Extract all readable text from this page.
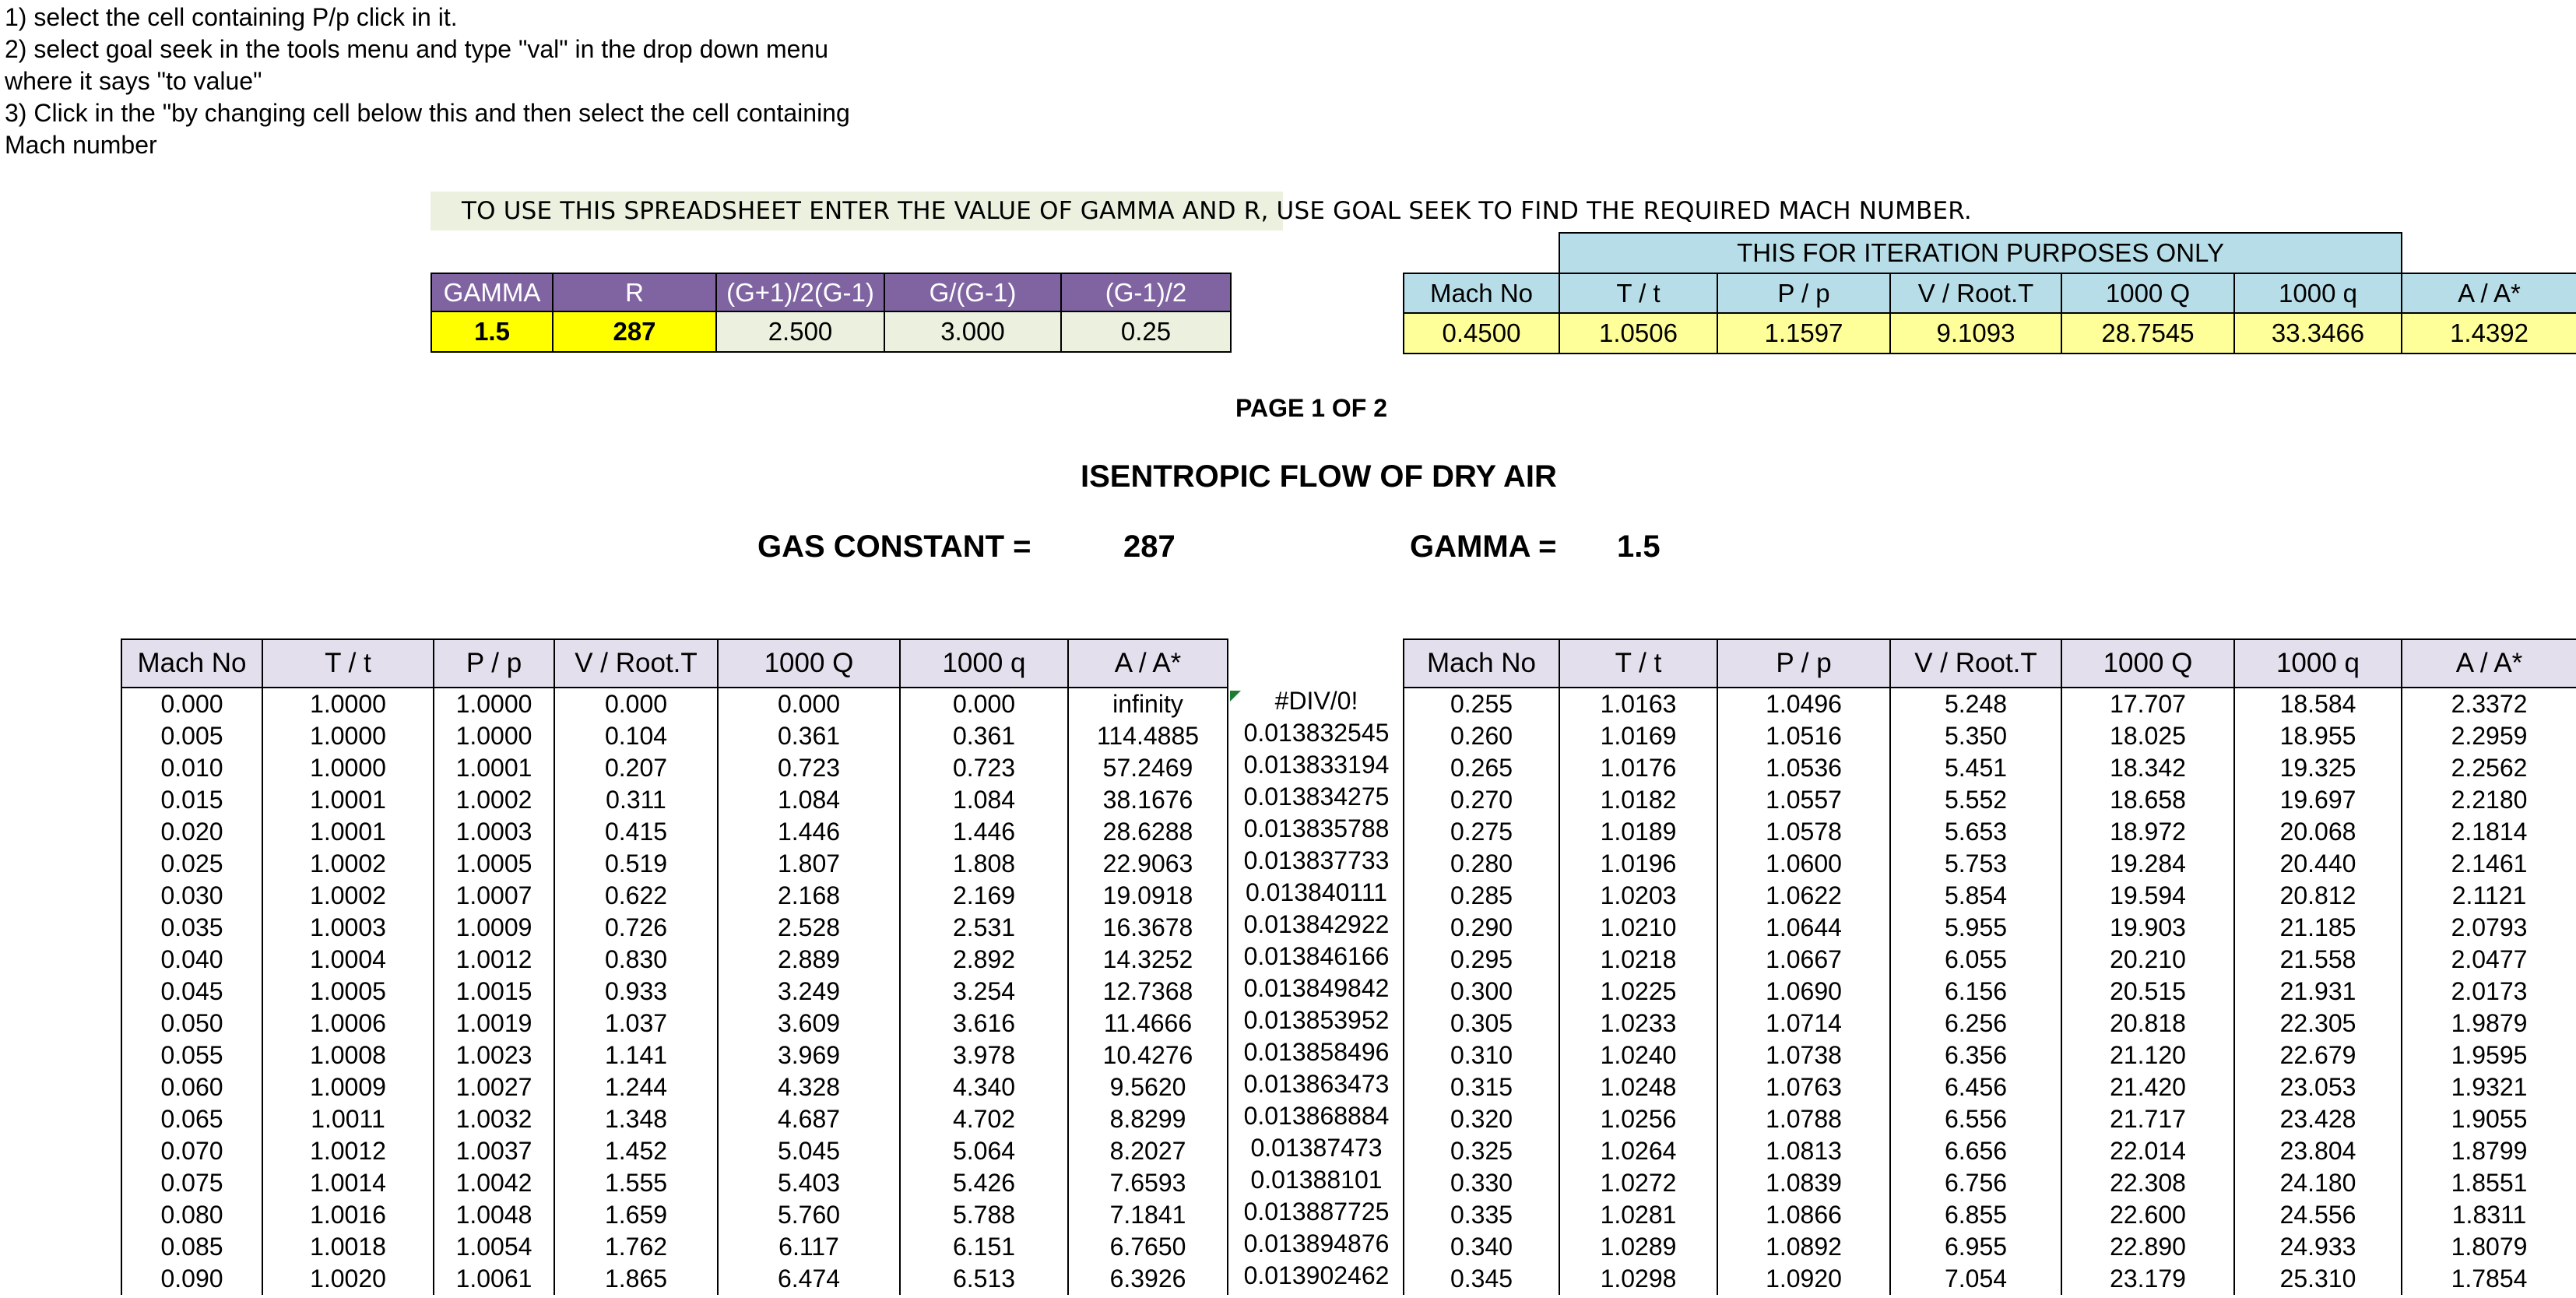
1) select the cell containing P/p click in it.
2) select goal seek in the tools menu and type "val" in the drop down menu
where it says "to value"
3) Click in the "by changing cell below this and then select the cell containing
Mach number
TO USE THIS SPREADSHEET ENTER THE VALUE OF GAMMA AND R, USE GOAL SEEK TO FIND THE REQUIRED MACH NUMBER.
GAMMA	R	(G+1)/2(G-1)	G/(G-1)	(G-1)/2
1.5	287	2.500	3.000	0.25
	THIS FOR ITERATION PURPOSES ONLY					
Mach No	T / t	P / p	V / Root.T	1000 Q	1000 q	A / A*
0.4500	1.0506	1.1597	9.1093	28.7545	33.3466	1.4392
PAGE 1 OF 2
ISENTROPIC FLOW OF DRY AIR
GAS CONSTANT =	287	GAMMA = 1.5
Mach No	T / t	P / p	V / Root.T	1000 Q	1000 q	A / A*
0.000	1.0000	1.0000	0.000	0.000	0.000	infinity
0.005	1.0000	1.0000	0.104	0.361	0.361	114.4885
0.010	1.0000	1.0001	0.207	0.723	0.723	57.2469
0.015	1.0001	1.0002	0.311	1.084	1.084	38.1676
0.020	1.0001	1.0003	0.415	1.446	1.446	28.6288
0.025	1.0002	1.0005	0.519	1.807	1.808	22.9063
0.030	1.0002	1.0007	0.622	2.168	2.169	19.0918
0.035	1.0003	1.0009	0.726	2.528	2.531	16.3678
0.040	1.0004	1.0012	0.830	2.889	2.892	14.3252
0.045	1.0005	1.0015	0.933	3.249	3.254	12.7368
0.050	1.0006	1.0019	1.037	3.609	3.616	11.4666
0.055	1.0008	1.0023	1.141	3.969	3.978	10.4276
0.060	1.0009	1.0027	1.244	4.328	4.340	9.5620
0.065	1.0011	1.0032	1.348	4.687	4.702	8.8299
0.070	1.0012	1.0037	1.452	5.045	5.064	8.2027
0.075	1.0014	1.0042	1.555	5.403	5.426	7.6593
0.080	1.0016	1.0048	1.659	5.760	5.788	7.1841
0.085	1.0018	1.0054	1.762	6.117	6.151	6.7650
0.090	1.0020	1.0061	1.865	6.474	6.513	6.3926

#DIV/0!
0.013832545
0.013833194
0.013834275
0.013835788
0.013837733
0.013840111
0.013842922
0.013846166
0.013849842
0.013853952
0.013858496
0.013863473
0.013868884
0.01387473
0.01388101
0.013887725
0.013894876
0.013902462
Mach No	T / t	P / p	V / Root.T	1000 Q	1000 q	A / A*
0.255	1.0163	1.0496	5.248	17.707	18.584	2.3372
0.260	1.0169	1.0516	5.350	18.025	18.955	2.2959
0.265	1.0176	1.0536	5.451	18.342	19.325	2.2562
0.270	1.0182	1.0557	5.552	18.658	19.697	2.2180
0.275	1.0189	1.0578	5.653	18.972	20.068	2.1814
0.280	1.0196	1.0600	5.753	19.284	20.440	2.1461
0.285	1.0203	1.0622	5.854	19.594	20.812	2.1121
0.290	1.0210	1.0644	5.955	19.903	21.185	2.0793
0.295	1.0218	1.0667	6.055	20.210	21.558	2.0477
0.300	1.0225	1.0690	6.156	20.515	21.931	2.0173
0.305	1.0233	1.0714	6.256	20.818	22.305	1.9879
0.310	1.0240	1.0738	6.356	21.120	22.679	1.9595
0.315	1.0248	1.0763	6.456	21.420	23.053	1.9321
0.320	1.0256	1.0788	6.556	21.717	23.428	1.9055
0.325	1.0264	1.0813	6.656	22.014	23.804	1.8799
0.330	1.0272	1.0839	6.756	22.308	24.180	1.8551
0.335	1.0281	1.0866	6.855	22.600	24.556	1.8311
0.340	1.0289	1.0892	6.955	22.890	24.933	1.8079
0.345	1.0298	1.0920	7.054	23.179	25.310	1.7854
